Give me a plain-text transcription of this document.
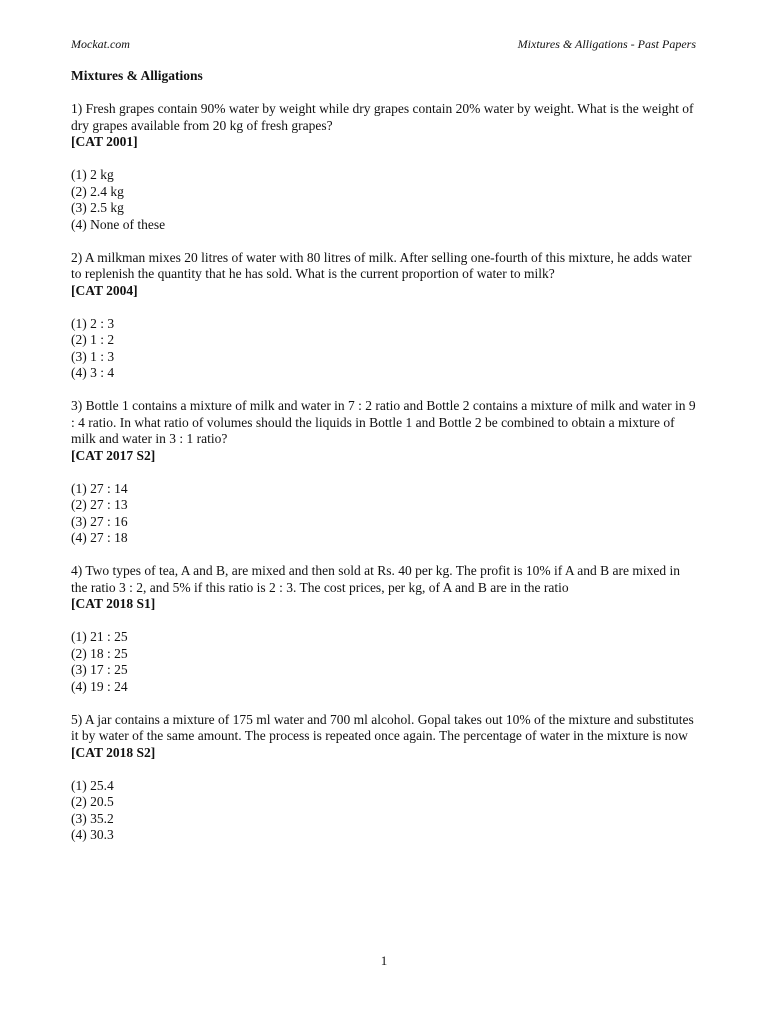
Mockat.com	Mixtures & Alligations - Past Papers
Mixtures & Alligations

1) Fresh grapes contain 90% water by weight while dry grapes contain 20% water by weight. What is the weight of dry grapes available from 20 kg of fresh grapes?

[CAT 2001]

(1) 2 kg
(2) 2.4 kg
(3) 2.5 kg
(4) None of these

2) A milkman mixes 20 litres of water with 80 litres of milk. After selling one-fourth of this mixture, he adds water to replenish the quantity that he has sold. What is the current proportion of water to milk?

[CAT 2004]

(1) 2 : 3
(2) 1 : 2
(3) 1 : 3
(4) 3 : 4

3) Bottle 1 contains a mixture of milk and water in 7 : 2 ratio and Bottle 2 contains a mixture of milk and water in 9 : 4 ratio. In what ratio of volumes should the liquids in Bottle 1 and Bottle 2 be combined to obtain a mixture of milk and water in 3 : 1 ratio?

[CAT 2017 S2]

(1) 27 : 14
(2) 27 : 13
(3) 27 : 16
(4) 27 : 18

4) Two types of tea, A and B, are mixed and then sold at Rs. 40 per kg. The profit is 10% if A and B are mixed in the ratio 3 : 2, and 5% if this ratio is 2 : 3. The cost prices, per kg, of A and B are in the ratio

[CAT 2018 S1]

(1) 21 : 25
(2) 18 : 25
(3) 17 : 25
(4) 19 : 24

5) A jar contains a mixture of 175 ml water and 700 ml alcohol. Gopal takes out 10% of the mixture and substitutes it by water of the same amount. The process is repeated once again. The percentage of water in the mixture is now

[CAT 2018 S2]

(1) 25.4
(2) 20.5
(3) 35.2
(4) 30.3
1
